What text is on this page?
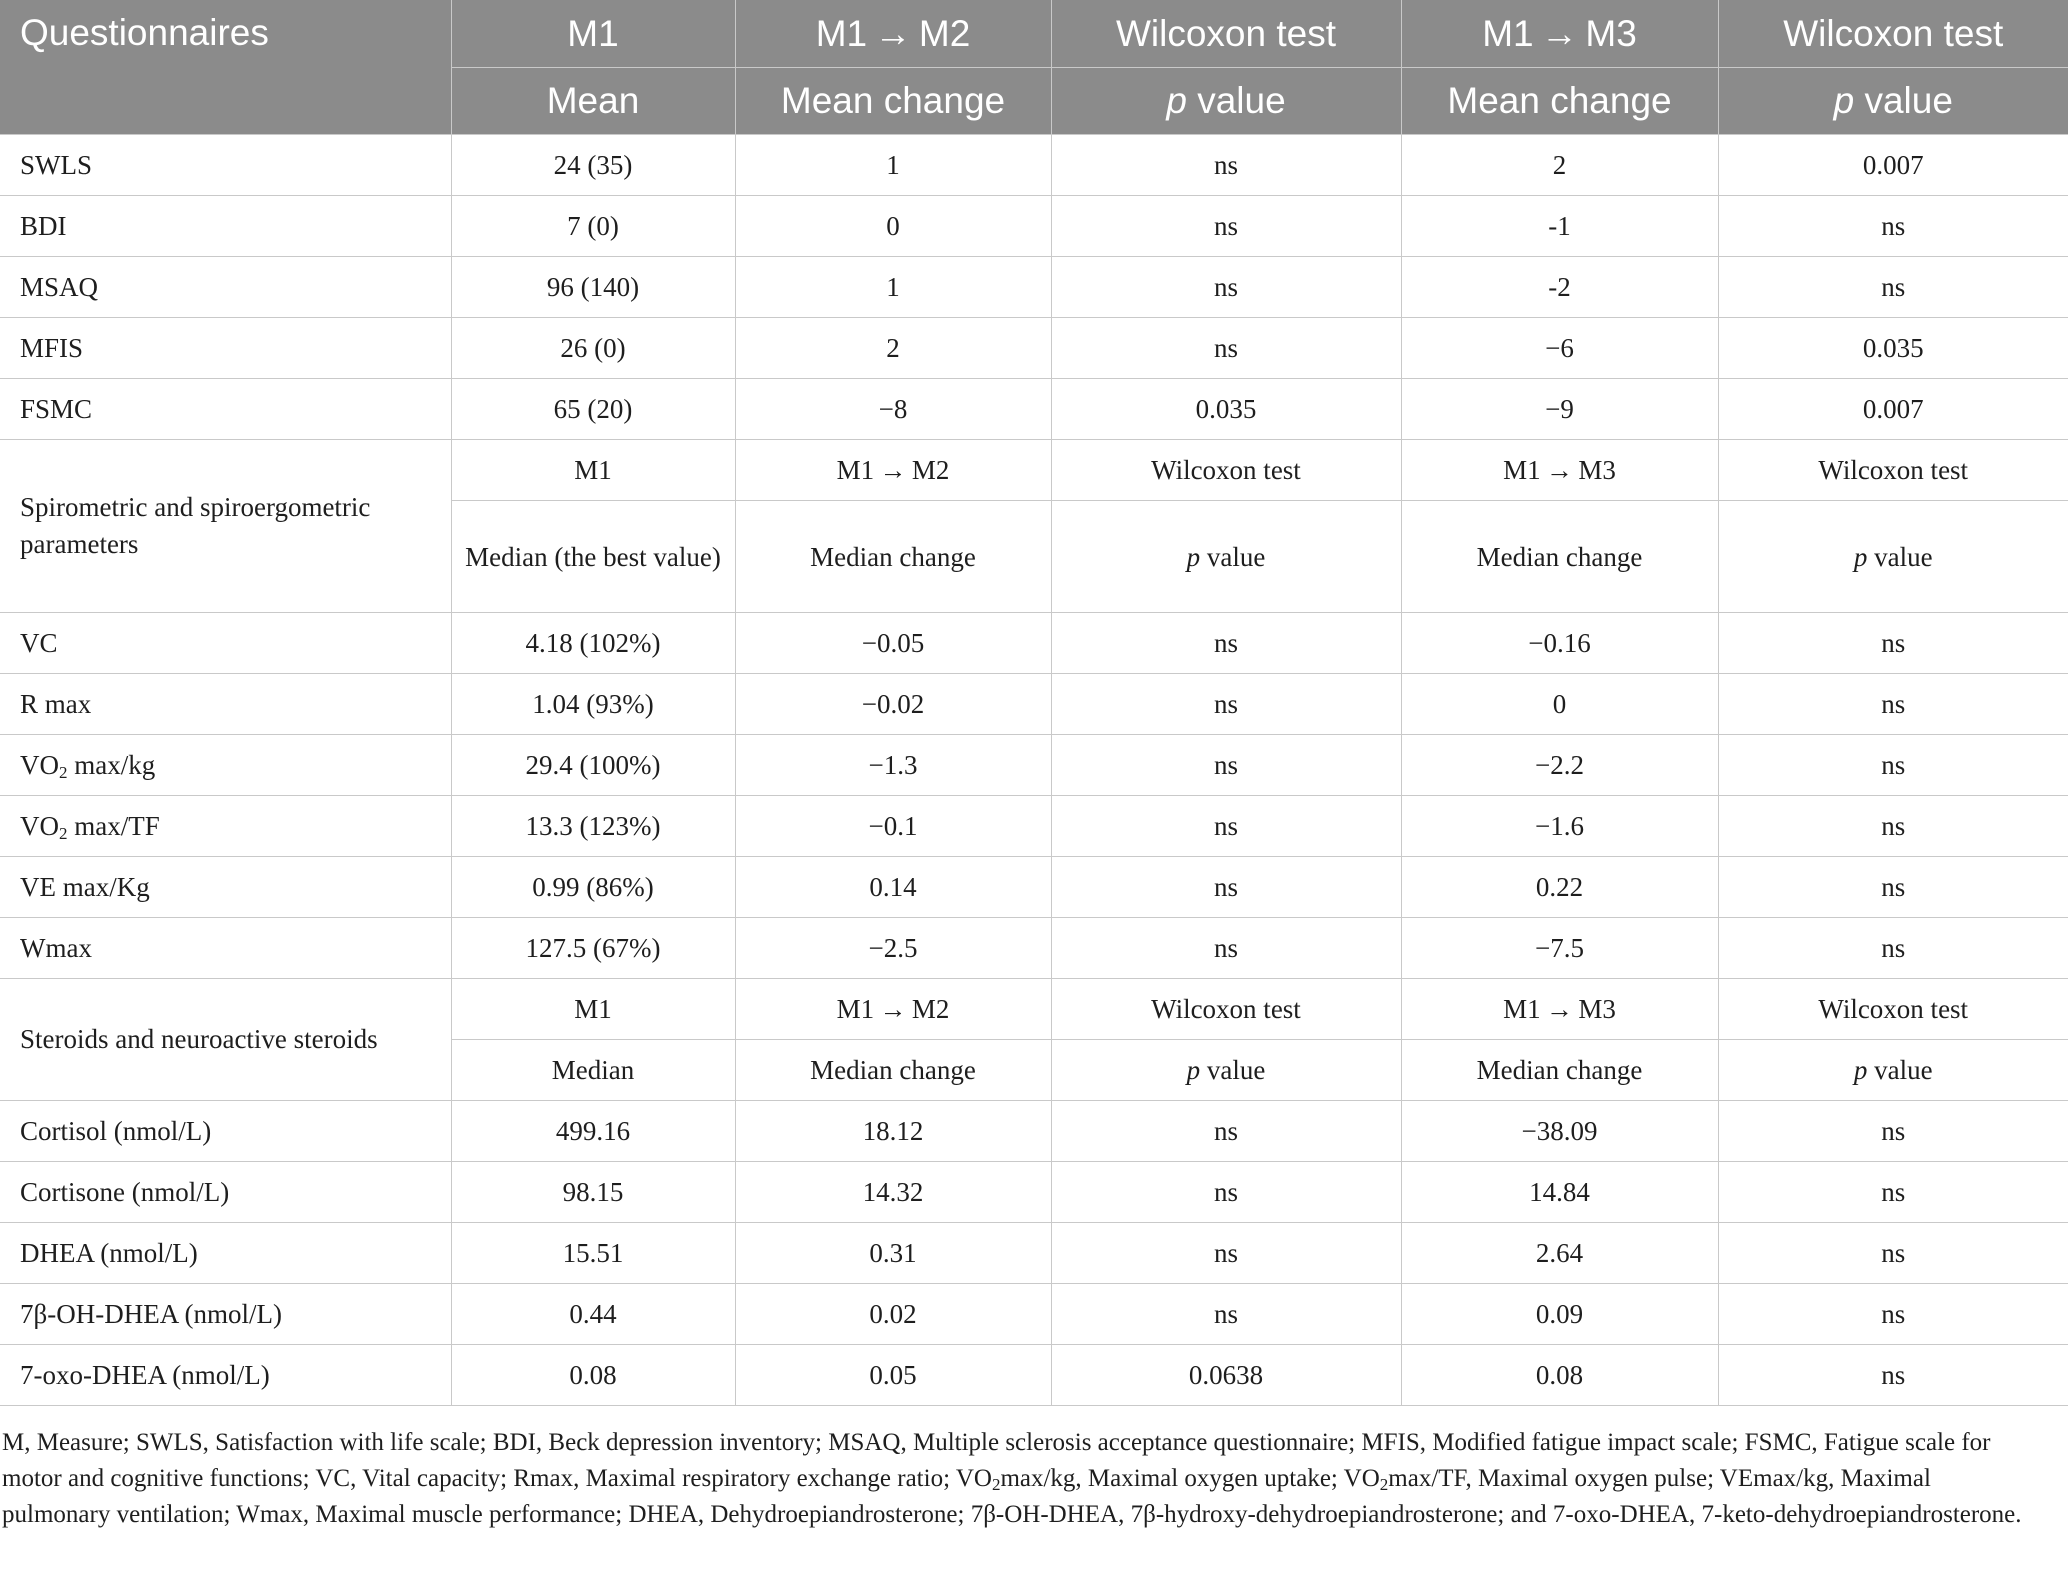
Questionnaires	M1	M1 → M2	Wilcoxon test	M1 → M3	Wilcoxon test
	Mean	Mean change	p value	Mean change	p value
SWLS	24 (35)	1	ns	2	0.007
BDI	7 (0)	0	ns	-1	ns
MSAQ	96 (140)	1	ns	-2	ns
MFIS	26 (0)	2	ns	−6	0.035
FSMC	65 (20)	−8	0.035	−9	0.007
Spirometric and spiroergometric parameters	M1	M1 → M2	Wilcoxon test	M1 → M3	Wilcoxon test
	Median (the best value)	Median change	p value	Median change	p value
VC	4.18 (102%)	−0.05	ns	−0.16	ns
R max	1.04 (93%)	−0.02	ns	0	ns
$VO_2$ max/kg	29.4 (100%)	−1.3	ns	−2.2	ns
$VO_2$ max/TF	13.3 (123%)	−0.1	ns	−1.6	ns
VE max/Kg	0.99 (86%)	0.14	ns	0.22	ns
Wmax	127.5 (67%)	−2.5	ns	−7.5	ns
Steroids and neuroactive steroids	M1	M1 → M2	Wilcoxon test	M1 → M3	Wilcoxon test
	Median	Median change	p value	Median change	p value
Cortisol (nmol/L)	499.16	18.12	ns	−38.09	ns
Cortisone (nmol/L)	98.15	14.32	ns	14.84	ns
DHEA (nmol/L)	15.51	0.31	ns	2.64	ns
7β-OH-DHEA (nmol/L)	0.44	0.02	ns	0.09	ns
7-oxo-DHEA (nmol/L)	0.08	0.05	0.0638	0.08	ns
M, Measure; SWLS, Satisfaction with life scale; BDI, Beck depression inventory; MSAQ, Multiple sclerosis acceptance questionnaire; MFIS, Modified fatigue impact scale; FSMC, Fatigue scale for motor and cognitive functions; VC, Vital capacity; Rmax, Maximal respiratory exchange ratio; $VO_2\max/kg$, Maximal oxygen uptake; $VO_2\max/TF$, Maximal oxygen pulse; VEmax/kg, Maximal pulmonary ventilation; Wmax, Maximal muscle performance; DHEA, Dehydroepiandrosterone; 7β-OH-DHEA, 7β-hydroxy-dehydroepiandrosterone; and 7-oxo-DHEA, 7-keto-dehydroepiandrosterone.
